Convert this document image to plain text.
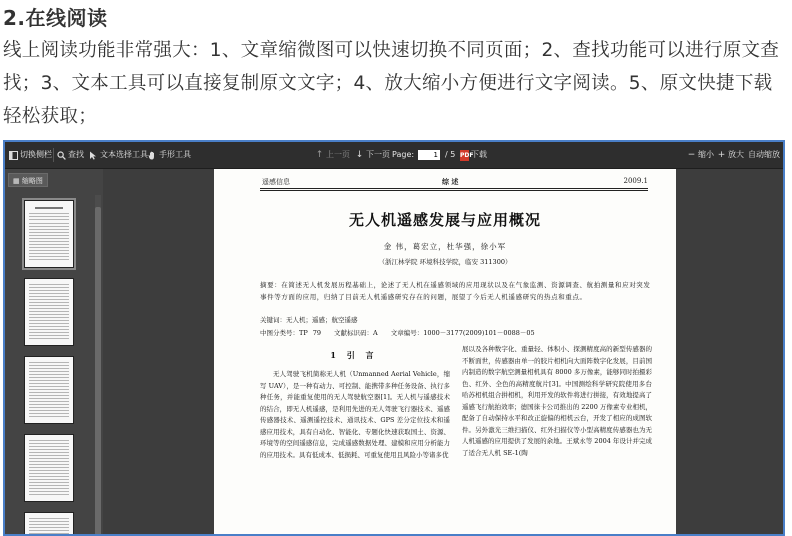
2.在线阅读
线上阅读功能非常强大：1、文章缩微图可以快速切换不同页面；2、查找功能可以进行原文查找；3、文本工具可以直接复制原文文字；4、放大缩小方便进行文字阅读。5、原文快捷下载轻松获取；
切换侧栏 查找 文本选择工具 手形工具	↑ 上一页 ↓ 下一页 Page:	1 / 5 PDF
下载	− 缩小 + 放大 自动缩放
▦ 缩略图	遥感信息	综 述	2009.1
无人机遥感发展与应用概况
金 伟，葛宏立，杜华强，徐小军
（浙江林学院 环境科技学院，临安 311300）
摘要：在简述无人机发展历程基础上，论述了无人机在遥感领域的应用现状以及在气象监测、资源调查、航拍测量和应对突发事件等方面的应用，归纳了目前无人机遥感研究存在的问题，展望了今后无人机遥感研究的热点和重点。
关键词：无人机；遥感；航空遥感
中图分类号：TP 79　　文献标识码：A　　文章编号：1000－3177(2009)101－0088－05
1 引 言
无人驾驶飞机简称无人机（Unmanned Aerial Vehicle，缩写 UAV），是一种有动力、可控制、能携带多种任务设备、执行多种任务，并能重复使用的无人驾驶航空器[1]。无人机与遥感技术的结合，即无人机遥感，是利用先进的无人驾驶飞行器技术、遥感传感器技术、遥测遥控技术、通讯技术、GPS 差分定位技术和遥感应用技术，具有自动化、智能化、专题化快速获取国土、资源、环境等的空间遥感信息，完成遥感数据处理、建模和应用分析能力的应用技术。具有低成本、低损耗、可重复使用且风险小等诸多优
展以及各种数字化、重量轻、体积小、探测精度高的新型传感器的不断面世，传感器由单一的胶片相机向大面阵数字化发展，目前国内制造的数字航空测量相机具有 8000 多万像素，能够同时拍摄彩色、红外、全色的高精度航片[3]。中国测绘科学研究院使用多台哈苏相机组合拼相机，利用开发的软件将进行拼接，有效地提高了遥感飞行航拍效率；德国徕卡公司推出的 2200 万像素专业相机，配备了自动保持水平和改正旋偏的相机云台，开发了相应的成图软件。另外激光三维扫描仪、红外扫描仪等小型高精度传感器也为无人机遥感的应用提供了发展的余地。王斌永等 2004 年设计并完成了适合无人机 SE-1(陶
